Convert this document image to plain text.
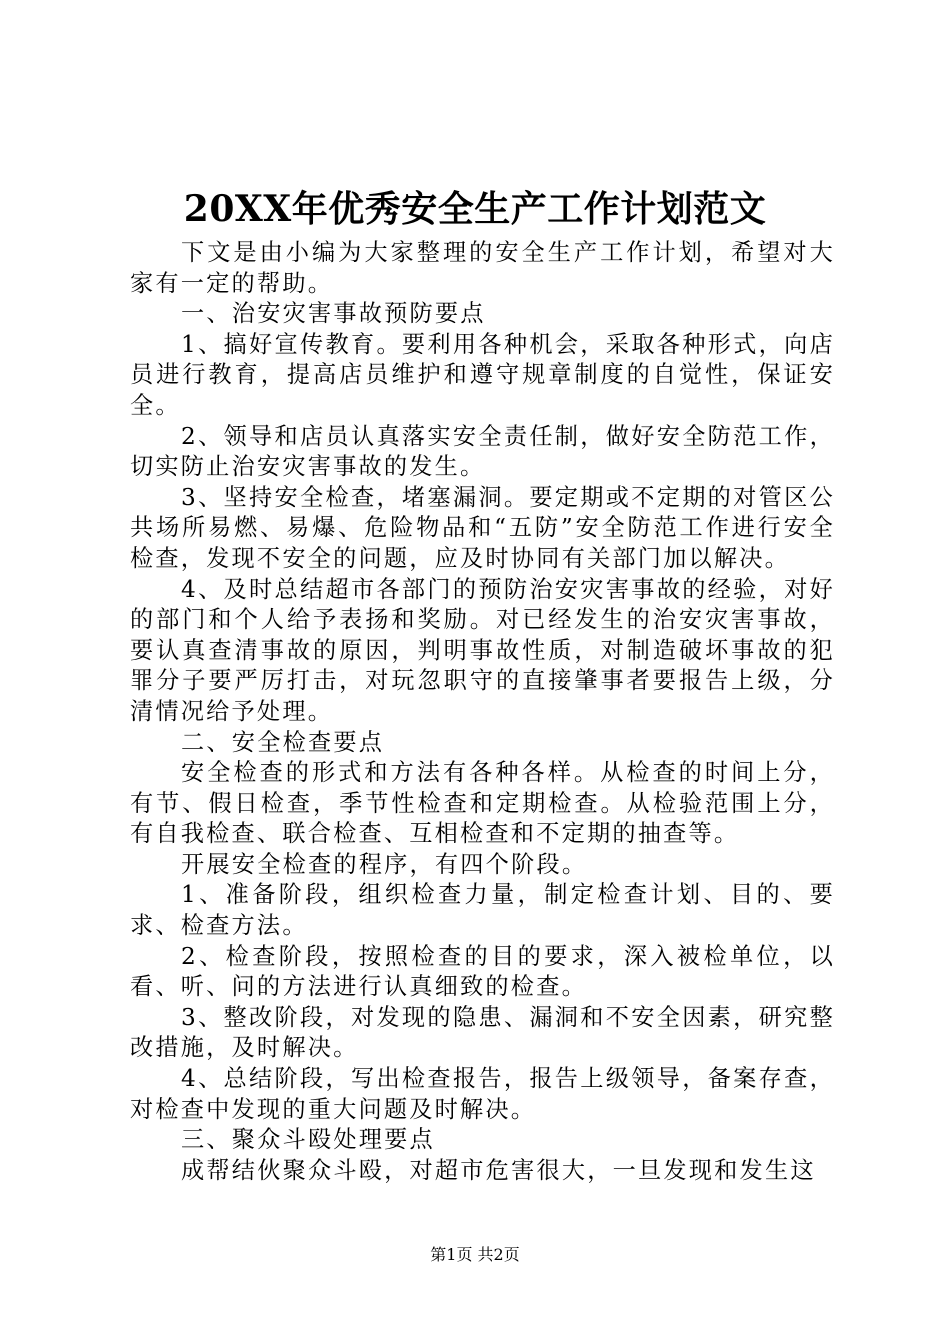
20XX年优秀安全生产工作计划范文

下文是由小编为大家整理的安全生产工作计划，希望对大家有一定的帮助。

一、治安灾害事故预防要点

1、搞好宣传教育。要利用各种机会，采取各种形式，向店员进行教育，提高店员维护和遵守规章制度的自觉性，保证安全。

2、领导和店员认真落实安全责任制，做好安全防范工作，切实防止治安灾害事故的发生。

3、坚持安全检查，堵塞漏洞。要定期或不定期的对管区公共场所易燃、易爆、危险物品和“五防”安全防范工作进行安全检查，发现不安全的问题，应及时协同有关部门加以解决。

4、及时总结超市各部门的预防治安灾害事故的经验，对好的部门和个人给予表扬和奖励。对已经发生的治安灾害事故，要认真查清事故的原因，判明事故性质，对制造破坏事故的犯罪分子要严厉打击，对玩忽职守的直接肇事者要报告上级，分清情况给予处理。

二、安全检查要点

安全检查的形式和方法有各种各样。从检查的时间上分，有节、假日检查，季节性检查和定期检查。从检验范围上分，有自我检查、联合检查、互相检查和不定期的抽查等。

开展安全检查的程序，有四个阶段。

1、准备阶段，组织检查力量，制定检查计划、目的、要求、检查方法。

2、检查阶段，按照检查的目的要求，深入被检单位，以看、听、问的方法进行认真细致的检查。

3、整改阶段，对发现的隐患、漏洞和不安全因素，研究整改措施，及时解决。

4、总结阶段，写出检查报告，报告上级领导，备案存查，对检查中发现的重大问题及时解决。

三、聚众斗殴处理要点

成帮结伙聚众斗殴，对超市危害很大，一旦发现和发生这

第1页 共2页
